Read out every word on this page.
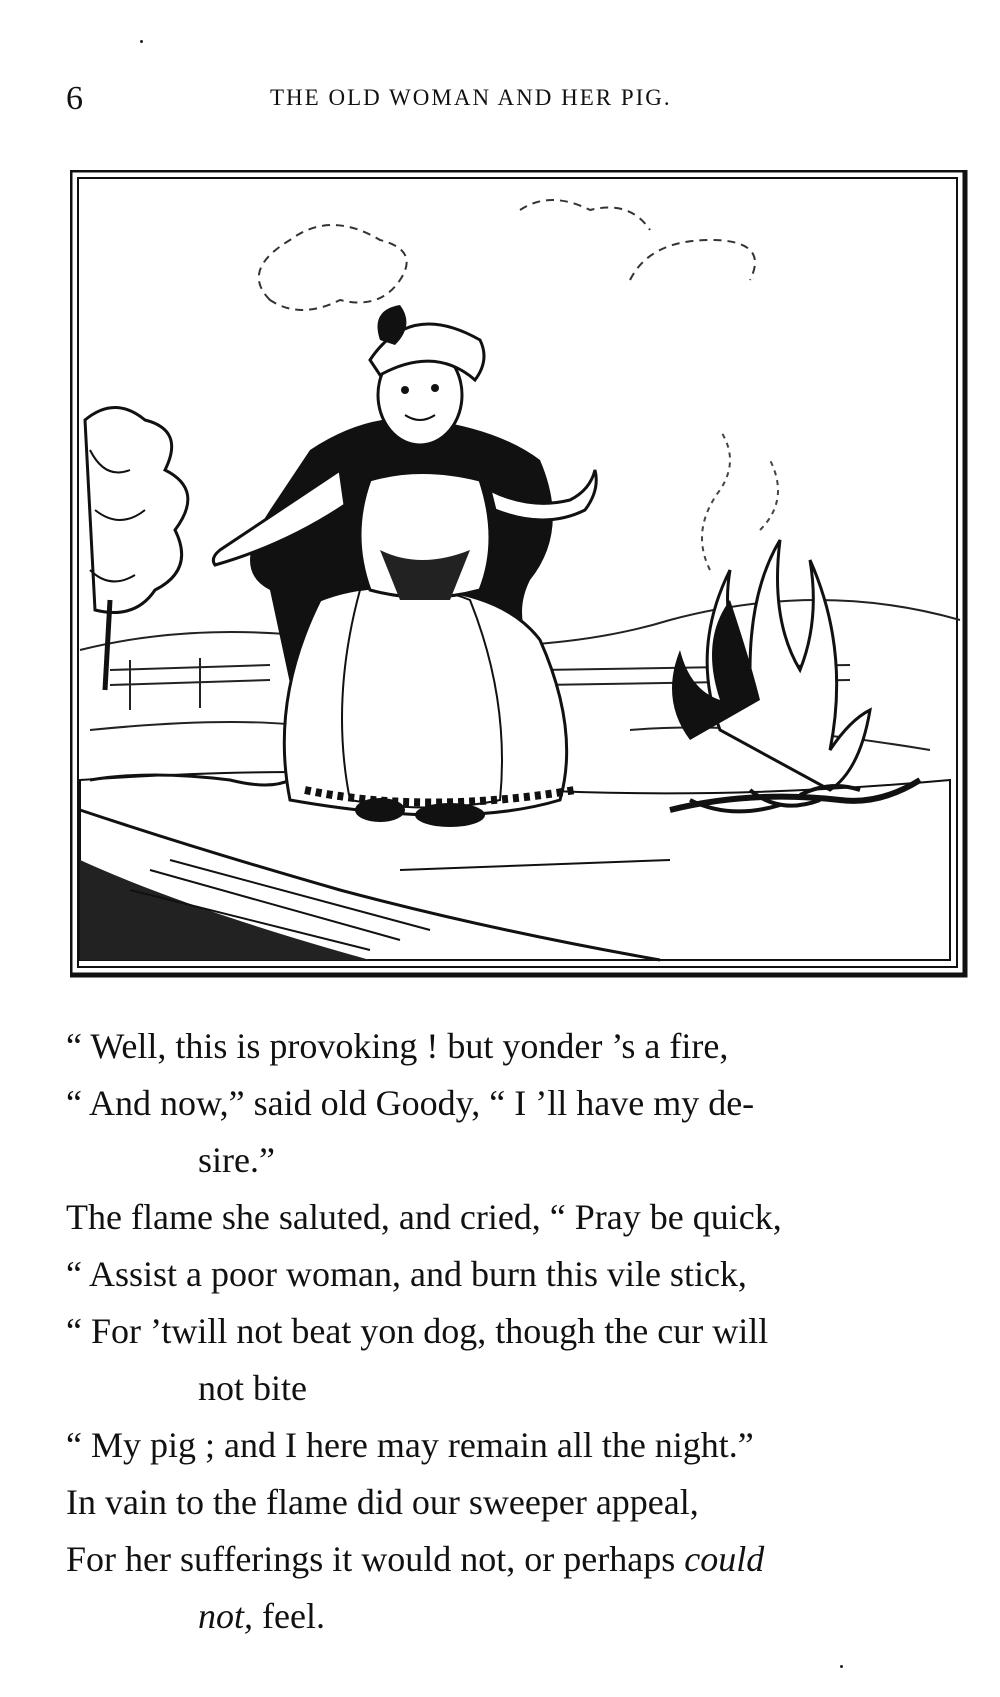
6	THE OLD WOMAN AND HER PIG.
“ Well, this is provoking ! but yonder ’s a fire,
“ And now,” said old Goody, “ I ’ll have my de-
sire.”
The flame she saluted, and cried, “ Pray be quick,
“ Assist a poor woman, and burn this vile stick,
“ For ’twill not beat yon dog, though the cur will
not bite
“ My pig ; and I here may remain all the night.”
In vain to the flame did our sweeper appeal,
For her sufferings it would not, or perhaps could
not, feel.
